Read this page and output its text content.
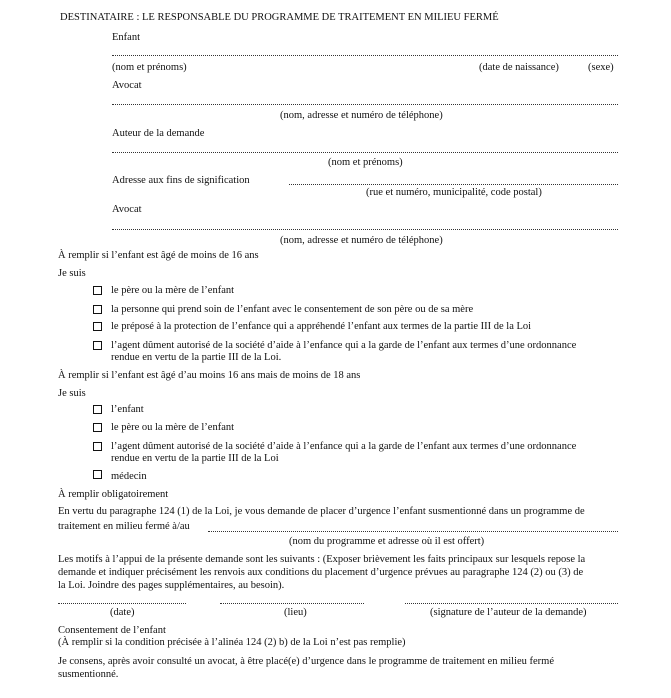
DESTINATAIRE : LE RESPONSABLE DU PROGRAMME DE TRAITEMENT EN MILIEU FERMÉ
Enfant
(nom et prénoms)	(date de naissance)	(sexe)
Avocat
(nom, adresse et numéro de téléphone)
Auteur de la demande
(nom et prénoms)
Adresse aux fins de signification
(rue et numéro, municipalité, code postal)
Avocat
(nom, adresse et numéro de téléphone)
À remplir si l’enfant est âgé de moins de 16 ans
Je suis
le père ou la mère de l’enfant
la personne qui prend soin de l’enfant avec le consentement de son père ou de sa mère
le préposé à la protection de l’enfance qui a appréhendé l’enfant aux termes de la partie III de la Loi
l’agent dûment autorisé de la société d’aide à l’enfance qui a la garde de l’enfant aux termes d’une ordonnance
rendue en vertu de la partie III de la Loi.
À remplir si l’enfant est âgé d’au moins 16 ans mais de moins de 18 ans
Je suis
l’enfant
le père ou la mère de l’enfant
l’agent dûment autorisé de la société d’aide à l’enfance qui a la garde de l’enfant aux termes d’une ordonnance
rendue en vertu de la partie III de la Loi
médecin
À remplir obligatoirement
En vertu du paragraphe 124 (1) de la Loi, je vous demande de placer d’urgence l’enfant susmentionné dans un programme de
traitement en milieu fermé à/au
(nom du programme et adresse où il est offert)
Les motifs à l’appui de la présente demande sont les suivants : (Exposer brièvement les faits principaux sur lesquels repose la
demande et indiquer précisément les renvois aux conditions du placement d’urgence prévues au paragraphe 124 (2) ou (3) de
la Loi. Joindre des pages supplémentaires, au besoin).
(date)	(lieu)	(signature de l’auteur de la demande)
Consentement de l’enfant
(À remplir si la condition précisée à l’alinéa 124 (2) b) de la Loi n’est pas remplie)
Je consens, après avoir consulté un avocat, à être placé(e) d’urgence dans le programme de traitement en milieu fermé
susmentionné.
